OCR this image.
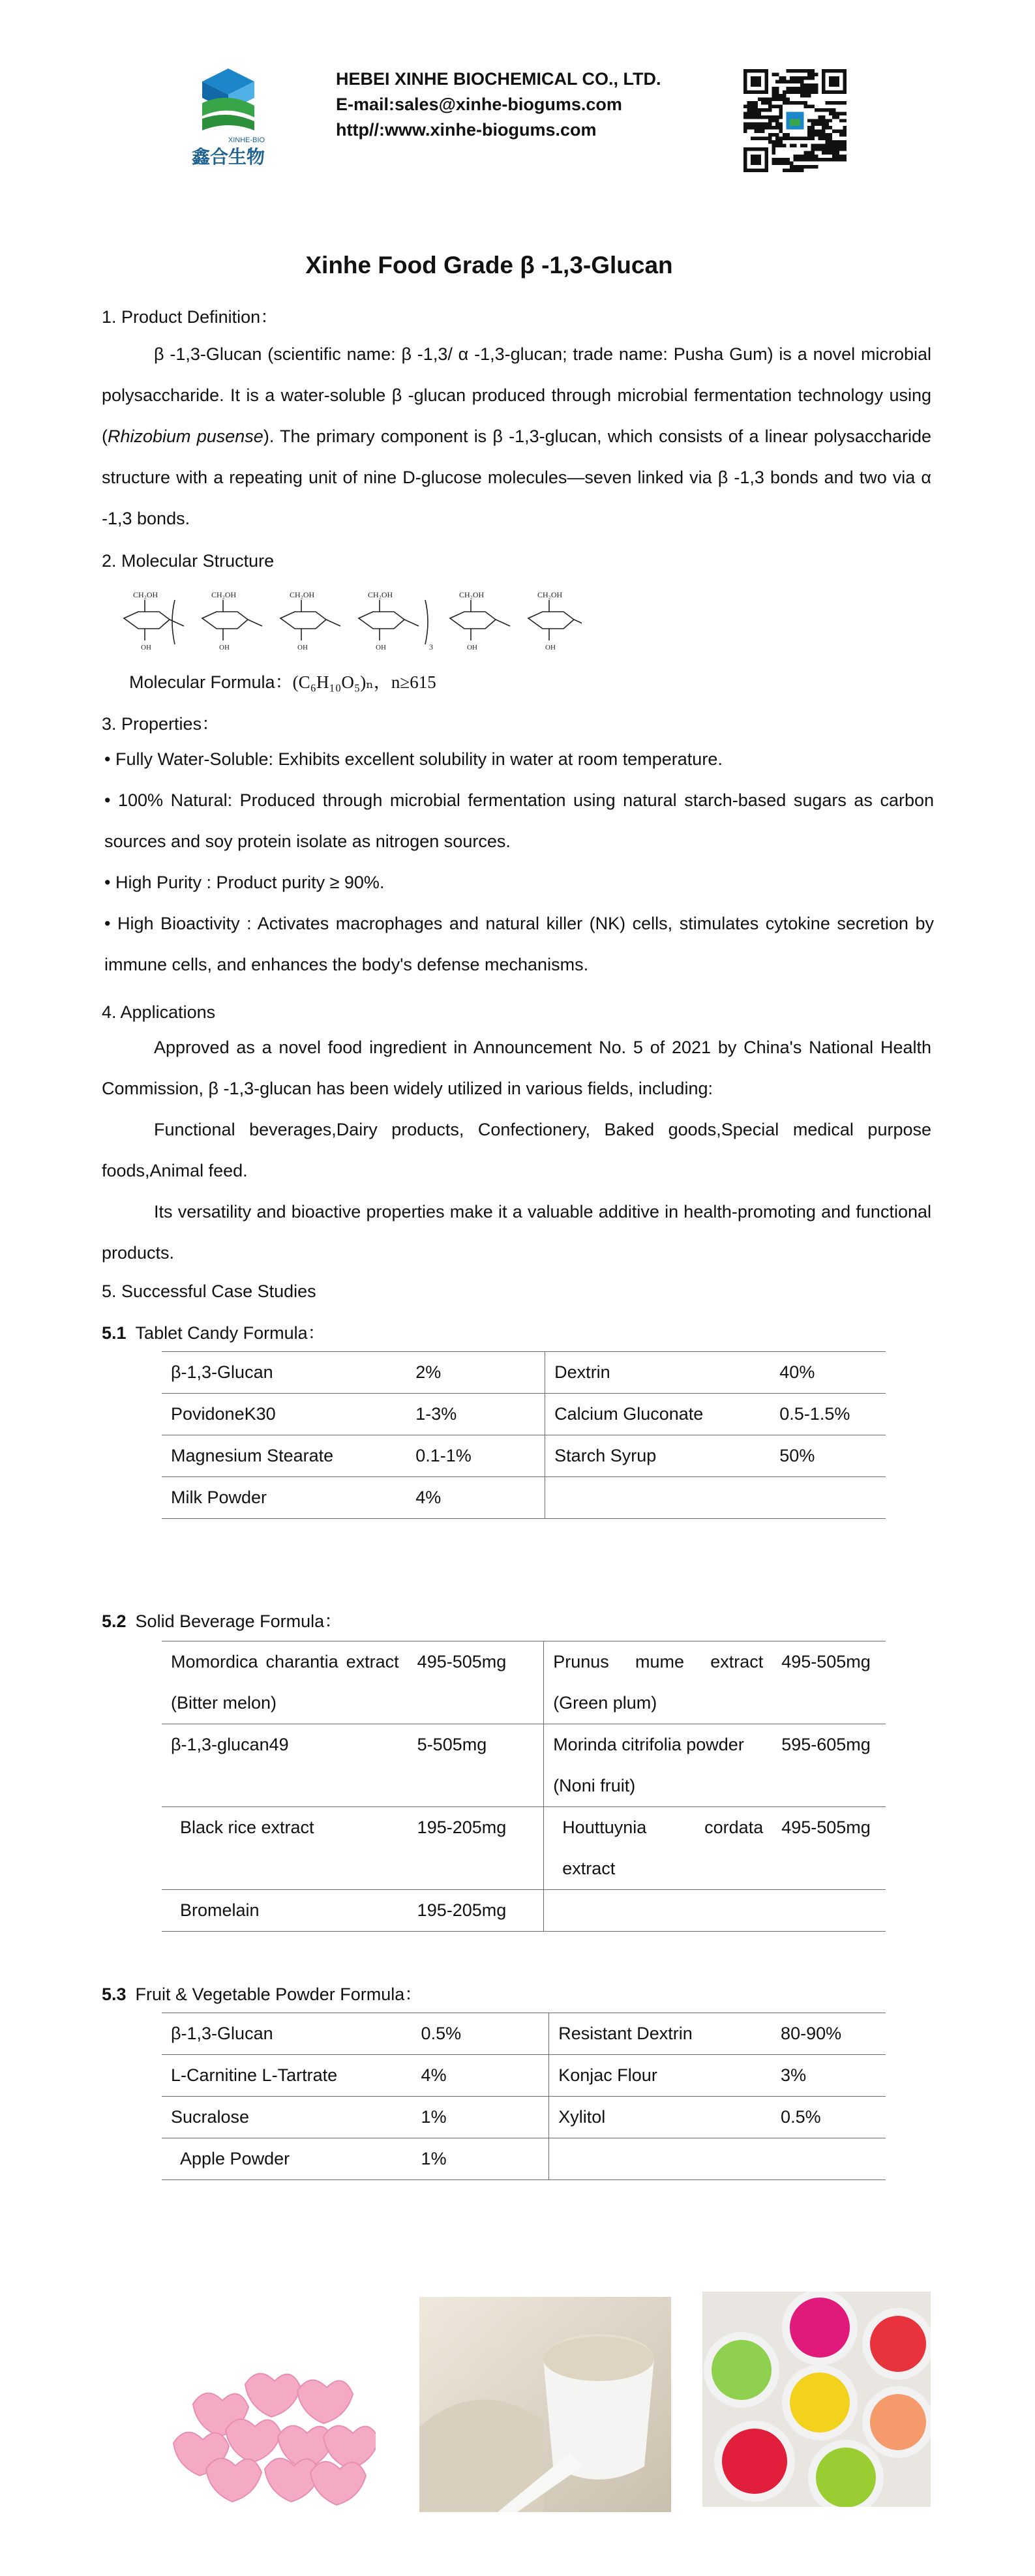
XINHE-BIO
鑫合生物
HEBEI XINHE BIOCHEMICAL CO., LTD.
E-mail:sales@xinhe-biogums.com
http//:www.xinhe-biogums.com
Xinhe Food Grade β -1,3-Glucan
1. Product Definition：
β -1,3-Glucan (scientific name: β -1,3/ α -1,3-glucan; trade name: Pusha Gum) is a novel microbial polysaccharide. It is a water-soluble β -glucan produced through microbial fermentation technology using (Rhizobium pusense). The primary component is β -1,3-glucan, which consists of a linear polysaccharide structure with a repeating unit of nine D-glucose molecules—seven linked via β -1,3 bonds and two via α -1,3 bonds.
2. Molecular Structure
CH₂OH
OH
CH₂OH
OH
CH₂OH
OH
CH₂OH
OH
CH₂OH
OH
CH₂OH
OH
3
Molecular Formula：(C₆H₁₀O₅)ₙ，n≥615
3. Properties：
• Fully Water-Soluble: Exhibits excellent solubility in water at room temperature.
• 100% Natural: Produced through microbial fermentation using natural starch-based sugars as carbon sources and soy protein isolate as nitrogen sources.
• High Purity : Product purity ≥ 90%.
• High Bioactivity : Activates macrophages and natural killer (NK) cells, stimulates cytokine secretion by immune cells, and enhances the body's defense mechanisms.
4. Applications
Approved as a novel food ingredient in Announcement No. 5 of 2021 by China's National Health Commission, β -1,3-glucan has been widely utilized in various fields, including:
Functional beverages,Dairy products, Confectionery, Baked goods,Special medical purpose foods,Animal feed.
Its versatility and bioactive properties make it a valuable additive in health-promoting and functional products.
5. Successful Case Studies
5.1 Tablet Candy Formula：
β-1,3-Glucan	2%	Dextrin	40%
PovidoneK30	1-3%	Calcium Gluconate	0.5-1.5%
Magnesium Stearate	0.1-1%	Starch Syrup	50%
Milk Powder	4%		
5.2 Solid Beverage Formula：
Momordica charantia extract (Bitter melon)	495-505mg	Prunus mume extract (Green plum)	495-505mg
β-1,3-glucan49	5-505mg	Morinda citrifolia powder (Noni fruit)	595-605mg
Black rice extract	195-205mg	Houttuynia cordata extract	495-505mg
Bromelain	195-205mg		
5.3 Fruit & Vegetable Powder Formula：
β-1,3-Glucan	0.5%	Resistant Dextrin	80-90%
L-Carnitine L-Tartrate	4%	Konjac Flour	3%
Sucralose	1%	Xylitol	0.5%
Apple Powder	1%		
